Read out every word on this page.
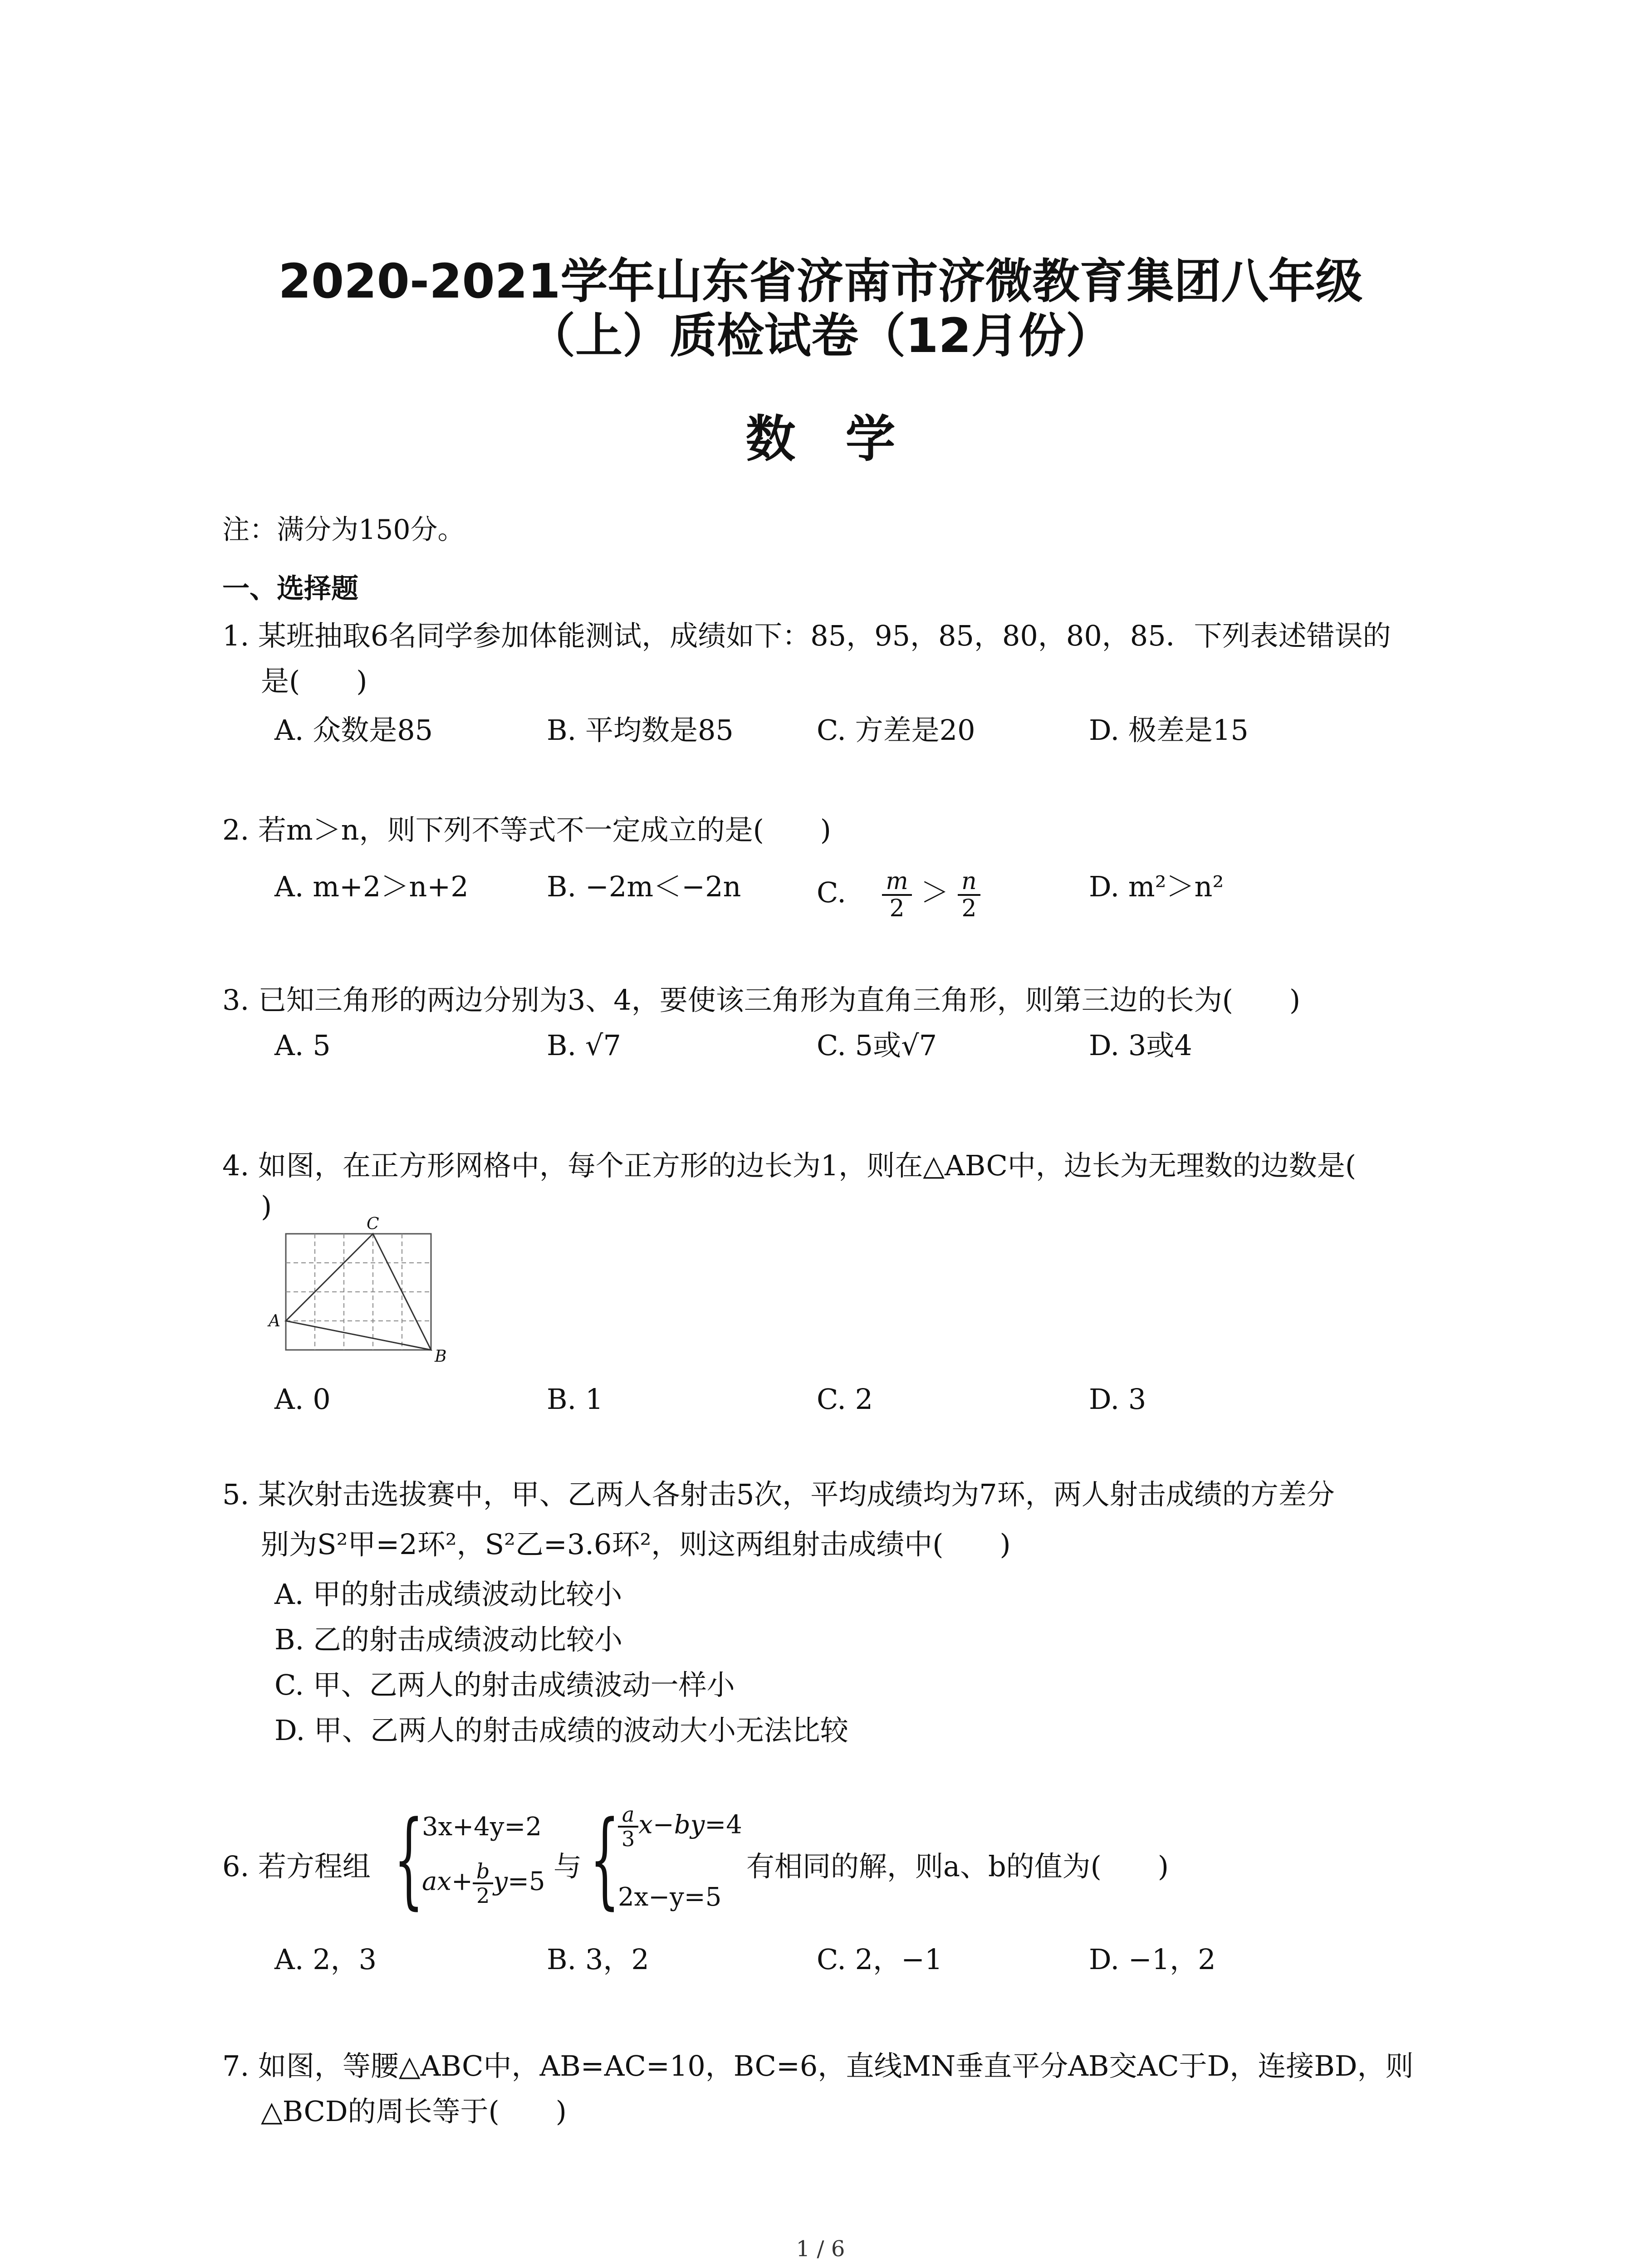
2020-2021学年山东省济南市济微教育集团八年级
（上）质检试卷（12月份）
数学
注：满分为150分。
一、选择题
1. 某班抽取6名同学参加体能测试，成绩如下：85，95，85，80，80，85．下列表述错误的
是(　　)
A. 众数是85	B. 平均数是85	C. 方差是20	D. 极差是15
2. 若m＞n，则下列不等式不一定成立的是(　　)
A. m+2＞n+2	B. −2m＜−2n	C. $\frac{m}{2} > \frac{n}{2}$	D. m²＞n²
3. 已知三角形的两边分别为3、4，要使该三角形为直角三角形，则第三边的长为(　　)
A. 5	B. √7	C. 5或√7	D. 3或4
4. 如图，在正方形网格中，每个正方形的边长为1，则在△ABC中，边长为无理数的边数是(
)
A
C
B
A. 0	B. 1	C. 2	D. 3
5. 某次射击选拔赛中，甲、乙两人各射击5次，平均成绩均为7环，两人射击成绩的方差分
别为S²甲=2环²，S²乙=3.6环²，则这两组射击成绩中(　　)
A. 甲的射击成绩波动比较小
B. 乙的射击成绩波动比较小
C. 甲、乙两人的射击成绩波动一样小
D. 甲、乙两人的射击成绩的波动大小无法比较
6. 若方程组 {
3x+4y=2
$ax+ \frac{b}{2} y=5$ 与 {
$\frac{a}{3} x-by=4$
2x−y=5
有相同的解，则a、b的值为(　　)
A. 2，3	B. 3，2	C. 2，−1	D. −1，2
7. 如图，等腰△ABC中，AB=AC=10，BC=6，直线MN垂直平分AB交AC于D，连接BD，则
△BCD的周长等于(　　)
1 / 6
